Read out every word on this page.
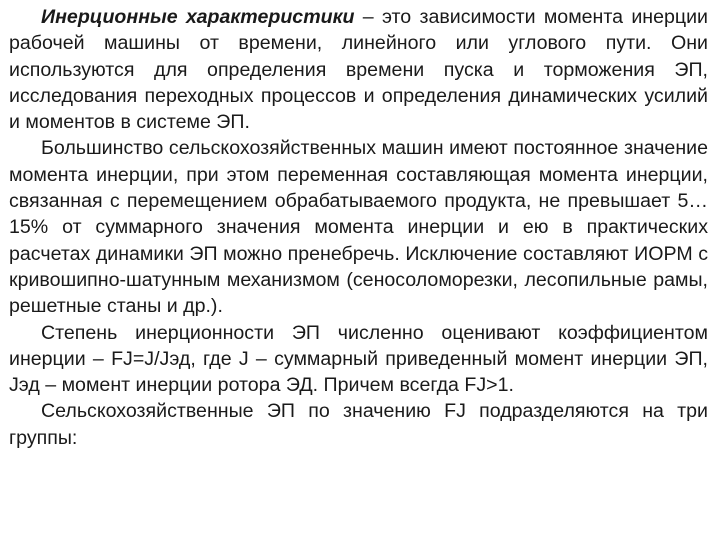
Инерционные характеристики – это зависимости момента инерции рабочей машины от времени, линейного или углового пути. Они используются для определения времени пуска и торможения ЭП, исследования переходных процессов и определения динамических усилий и моментов в системе ЭП.

Большинство сельскохозяйственных машин имеют постоянное значение момента инерции, при этом переменная составляющая момента инерции, связанная с перемещением обрабатываемого продукта, не превышает 5…15% от суммарного значения момента инерции и ею в практических расчетах динамики ЭП можно пренебречь. Исключение составляют ИОРМ с кривошипно-шатунным механизмом (сеносоломорезки, лесопильные рамы, решетные станы и др.).

Степень инерционности ЭП численно оценивают коэффициентом инерции – FJ=J/Jэд, где J – суммарный приведенный момент инерции ЭП, Jэд – момент инерции ротора ЭД. Причем всегда FJ>1.

Сельскохозяйственные ЭП по значению FJ подразделяются на три группы:
